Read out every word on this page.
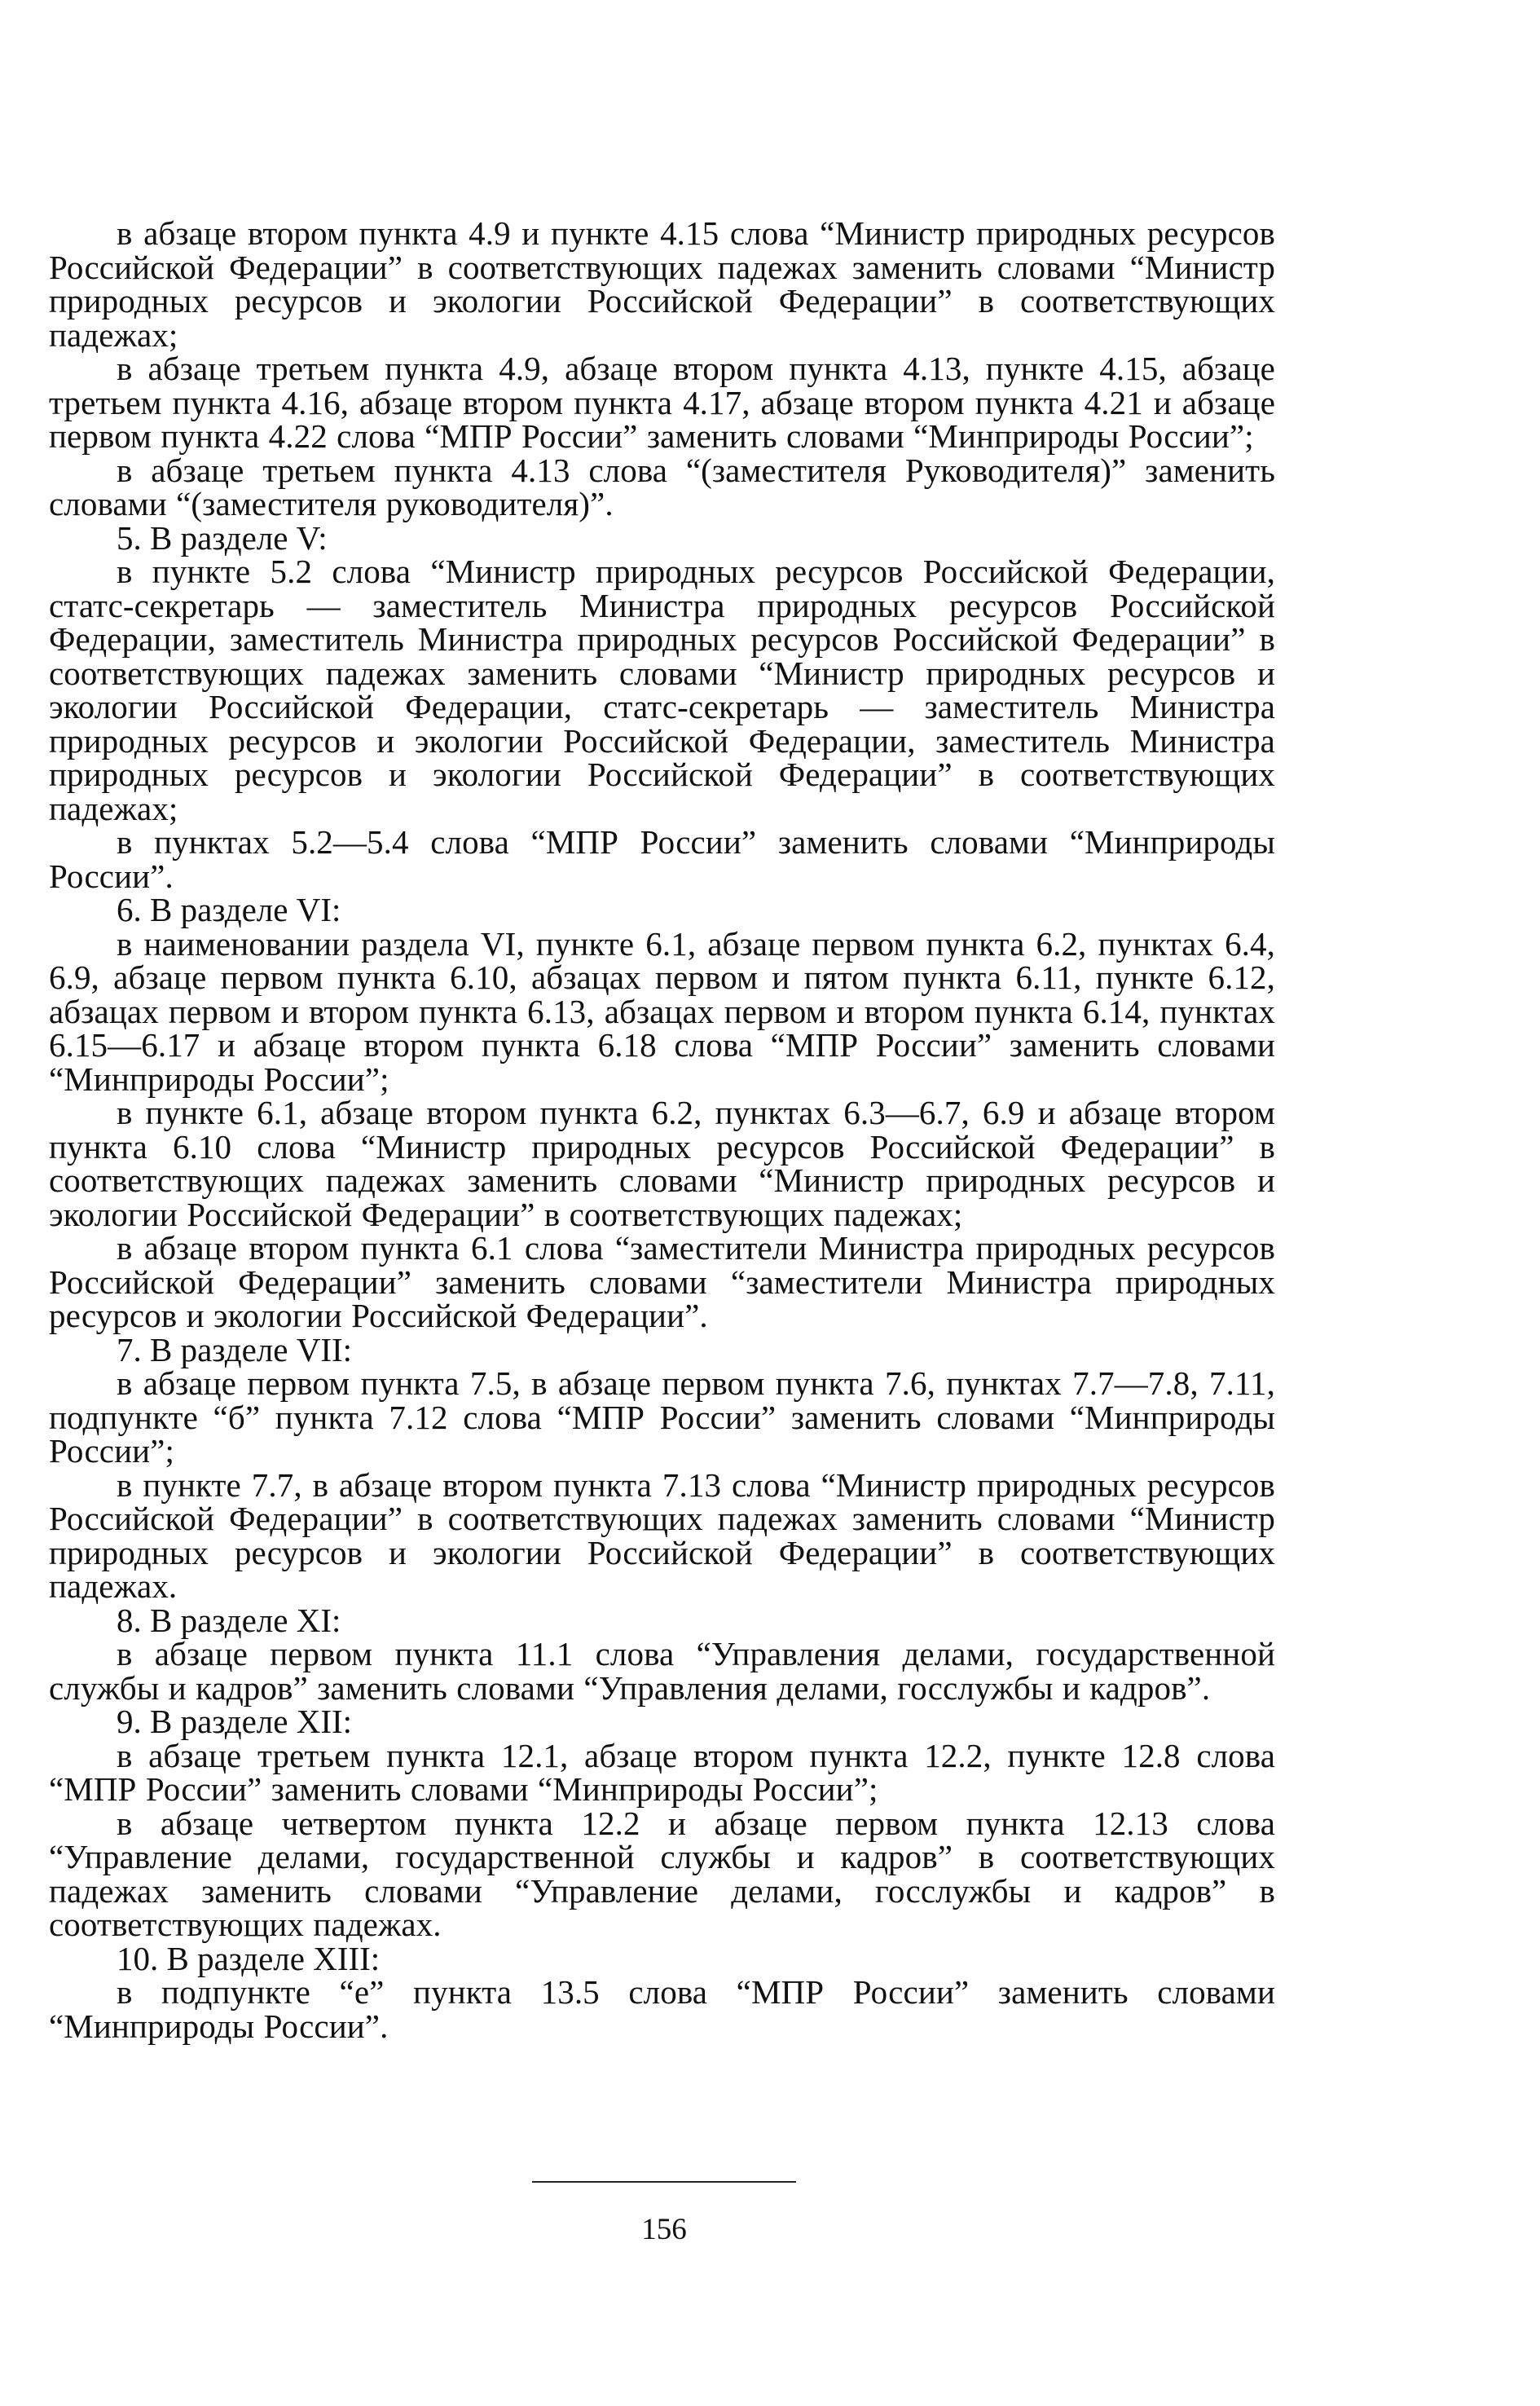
в абзаце втором пункта 4.9 и пункте 4.15 слова “Министр природных ресурсов Российской Федерации” в соответствующих падежах заменить словами “Министр природных ресурсов и экологии Российской Федерации” в соответствующих падежах;

в абзаце третьем пункта 4.9, абзаце втором пункта 4.13, пункте 4.15, абзаце третьем пункта 4.16, абзаце втором пункта 4.17, абзаце втором пункта 4.21 и абзаце первом пункта 4.22 слова “МПР России” заменить словами “Минприроды России”;

в абзаце третьем пункта 4.13 слова “(заместителя Руководителя)” заменить словами “(заместителя руководителя)”.

5. В разделе V:

в пункте 5.2 слова “Министр природных ресурсов Российской Федерации, статс-секретарь — заместитель Министра природных ресурсов Российской Федерации, заместитель Министра природных ресурсов Российской Федерации” в соответствующих падежах заменить словами “Министр природных ресурсов и экологии Российской Федерации, статс-секретарь — заместитель Министра природных ресурсов и экологии Российской Федерации, заместитель Министра природных ресурсов и экологии Российской Федерации” в соответствующих падежах;

в пунктах 5.2—5.4 слова “МПР России” заменить словами “Минприроды России”.

6. В разделе VI:

в наименовании раздела VI, пункте 6.1, абзаце первом пункта 6.2, пунктах 6.4, 6.9, абзаце первом пункта 6.10, абзацах первом и пятом пункта 6.11, пункте 6.12, абзацах первом и втором пункта 6.13, абзацах первом и втором пункта 6.14, пунктах 6.15—6.17 и абзаце втором пункта 6.18 слова “МПР России” заменить словами “Минприроды России”;

в пункте 6.1, абзаце втором пункта 6.2, пунктах 6.3—6.7, 6.9 и абзаце втором пункта 6.10 слова “Министр природных ресурсов Российской Федерации” в соответствующих падежах заменить словами “Министр природных ресурсов и экологии Российской Федерации” в соответствующих падежах;

в абзаце втором пункта 6.1 слова “заместители Министра природных ресурсов Российской Федерации” заменить словами “заместители Министра природных ресурсов и экологии Российской Федерации”.

7. В разделе VII:

в абзаце первом пункта 7.5, в абзаце первом пункта 7.6, пунктах 7.7—7.8, 7.11, подпункте “б” пункта 7.12 слова “МПР России” заменить словами “Минприроды России”;

в пункте 7.7, в абзаце втором пункта 7.13 слова “Министр природных ресурсов Российской Федерации” в соответствующих падежах заменить словами “Министр природных ресурсов и экологии Российской Федерации” в соответствующих падежах.

8. В разделе XI:

в абзаце первом пункта 11.1 слова “Управления делами, государственной службы и кадров” заменить словами “Управления делами, госслужбы и кадров”.

9. В разделе XII:

в абзаце третьем пункта 12.1, абзаце втором пункта 12.2, пункте 12.8 слова “МПР России” заменить словами “Минприроды России”;

в абзаце четвертом пункта 12.2 и абзаце первом пункта 12.13 слова “Управление делами, государственной службы и кадров” в соответствующих падежах заменить словами “Управление делами, госслужбы и кадров” в соответствующих падежах.

10. В разделе XIII:

в подпункте “е” пункта 13.5 слова “МПР России” заменить словами “Минприроды России”.

156
